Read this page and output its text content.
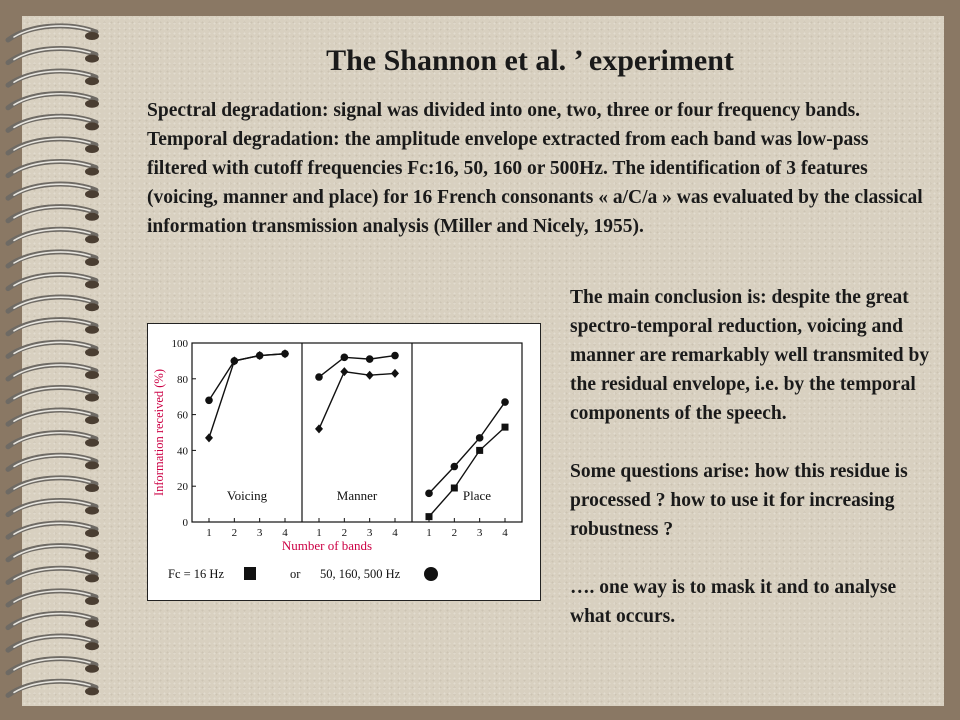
The Shannon et al. ’ experiment

Spectral degradation: signal was divided into one, two, three or four frequency bands. Temporal degradation: the amplitude envelope extracted from each band was low-pass filtered with cutoff frequencies Fc:16, 50, 160 or 500Hz. The identification of 3 features (voicing, manner and place) for 16 French consonants « a/C/a » was evaluated by the classical information transmission analysis (Miller and Nicely, 1955).

The main conclusion is: despite the great spectro-temporal reduction, voicing and manner are remarkably well transmited by the residual envelope, i.e. by the temporal components of the speech.

Some questions arise: how this residue is processed ? how to use it for increasing robustness ?

…. one way is to mask it and to analyse what occurs.

0
20
40
60
80
100
Information received (%)	Voicing
1 2 3 4
Manner
1 2 3 4
Place
1 2 3 4
Number of bands
Fc = 16 Hz	or 50, 160, 500 Hz
